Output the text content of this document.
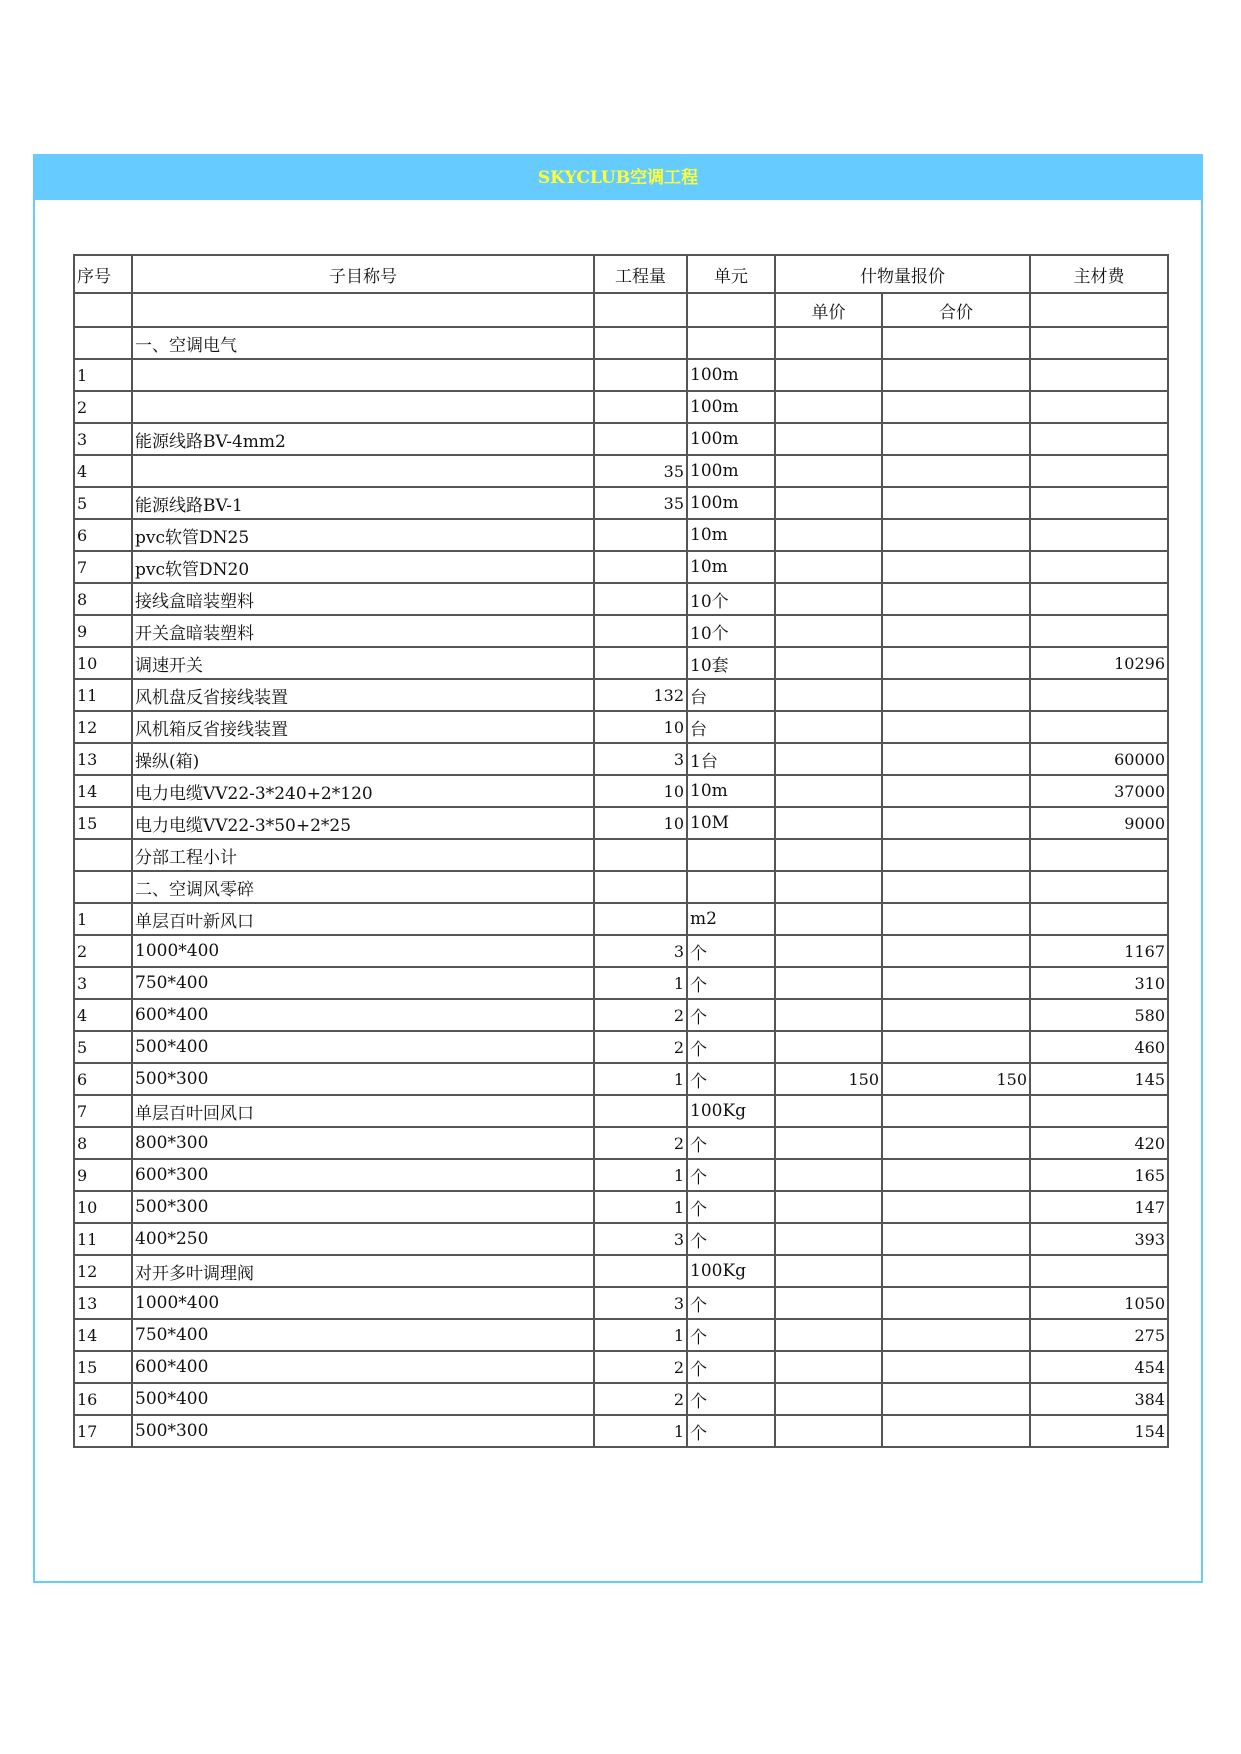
SKYCLUB空调工程
序号	子目称号	工程量	单元	什物量报价		主材费
				单价	合价	
	一、空调电气					
1			100m			
2			100m			
3	能源线路BV-4mm2		100m			
4		35	100m			
5	能源线路BV-1	35	100m			
6	pvc软管DN25		10m			
7	pvc软管DN20		10m			
8	接线盒暗装塑料		10个			
9	开关盒暗装塑料		10个			
10	调速开关		10套			10296
11	风机盘反省接线装置	132	台			
12	风机箱反省接线装置	10	台			
13	操纵(箱)	3	1台			60000
14	电力电缆VV22-3*240+2*120	10	10m			37000
15	电力电缆VV22-3*50+2*25	10	10M			9000
	分部工程小计					
	二、空调风零碎					
1	单层百叶新风口		m2			
2	1000*400	3	个			1167
3	750*400	1	个			310
4	600*400	2	个			580
5	500*400	2	个			460
6	500*300	1	个	150	150	145
7	单层百叶回风口		100Kg			
8	800*300	2	个			420
9	600*300	1	个			165
10	500*300	1	个			147
11	400*250	3	个			393
12	对开多叶调理阀		100Kg			
13	1000*400	3	个			1050
14	750*400	1	个			275
15	600*400	2	个			454
16	500*400	2	个			384
17	500*300	1	个			154
